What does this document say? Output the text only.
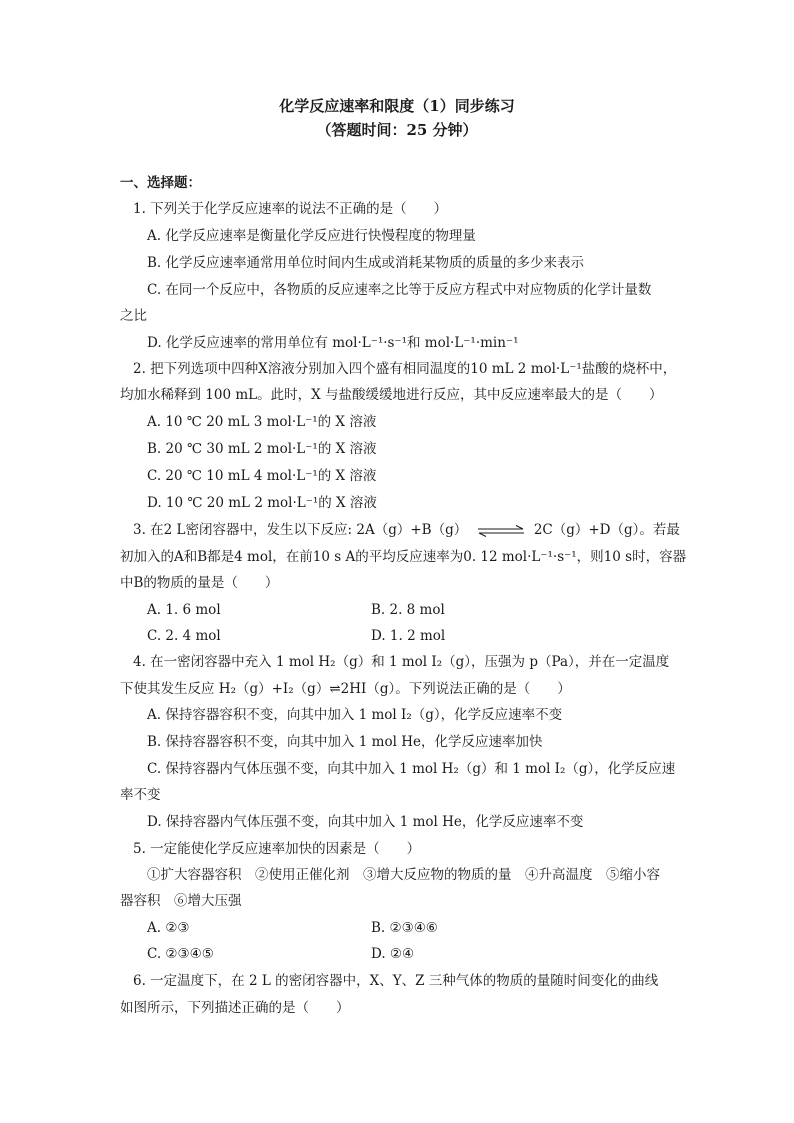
化学反应速率和限度（1）同步练习
（答题时间：25 分钟）
一、选择题：
1. 下列关于化学反应速率的说法不正确的是（　　）
A. 化学反应速率是衡量化学反应进行快慢程度的物理量
B. 化学反应速率通常用单位时间内生成或消耗某物质的质量的多少来表示
C. 在同一个反应中，各物质的反应速率之比等于反应方程式中对应物质的化学计量数
之比
D. 化学反应速率的常用单位有 mol·L⁻¹·s⁻¹和 mol·L⁻¹·min⁻¹
2. 把下列选项中四种X溶液分别加入四个盛有相同温度的10 mL 2 mol·L⁻¹盐酸的烧杯中，
均加水稀释到 100 mL。此时，X 与盐酸缓缓地进行反应，其中反应速率最大的是（　　）
A. 10 ℃ 20 mL 3 mol·L⁻¹的 X 溶液
B. 20 ℃ 30 mL 2 mol·L⁻¹的 X 溶液
C. 20 ℃ 10 mL 4 mol·L⁻¹的 X 溶液
D. 10 ℃ 20 mL 2 mol·L⁻¹的 X 溶液
3. 在2 L密闭容器中，发生以下反应: 2A（g）+B（g） ⇌ 2C（g）+D（g）。若最
初加入的A和B都是4 mol，在前10 s A的平均反应速率为0. 12 mol·L⁻¹·s⁻¹，则10 s时，容器
中B的物质的量是（　　）
A. 1. 6 mol	B. 2. 8 mol
C. 2. 4 mol	D. 1. 2 mol
4. 在一密闭容器中充入 1 mol H₂（g）和 1 mol I₂（g），压强为 p（Pa），并在一定温度
下使其发生反应 H₂（g）+I₂（g）⇌2HI（g）。下列说法正确的是（　　）
A. 保持容器容积不变，向其中加入 1 mol I₂（g），化学反应速率不变
B. 保持容器容积不变，向其中加入 1 mol He，化学反应速率加快
C. 保持容器内气体压强不变，向其中加入 1 mol H₂（g）和 1 mol I₂（g），化学反应速
率不变
D. 保持容器内气体压强不变，向其中加入 1 mol He，化学反应速率不变
5. 一定能使化学反应速率加快的因素是（　　）
①扩大容器容积　②使用正催化剂　③增大反应物的物质的量　④升高温度　⑤缩小容
器容积　⑥增大压强
A. ②③	B. ②③④⑥
C. ②③④⑤	D. ②④
6. 一定温度下，在 2 L 的密闭容器中，X、Y、Z 三种气体的物质的量随时间变化的曲线
如图所示，下列描述正确的是（　　）
